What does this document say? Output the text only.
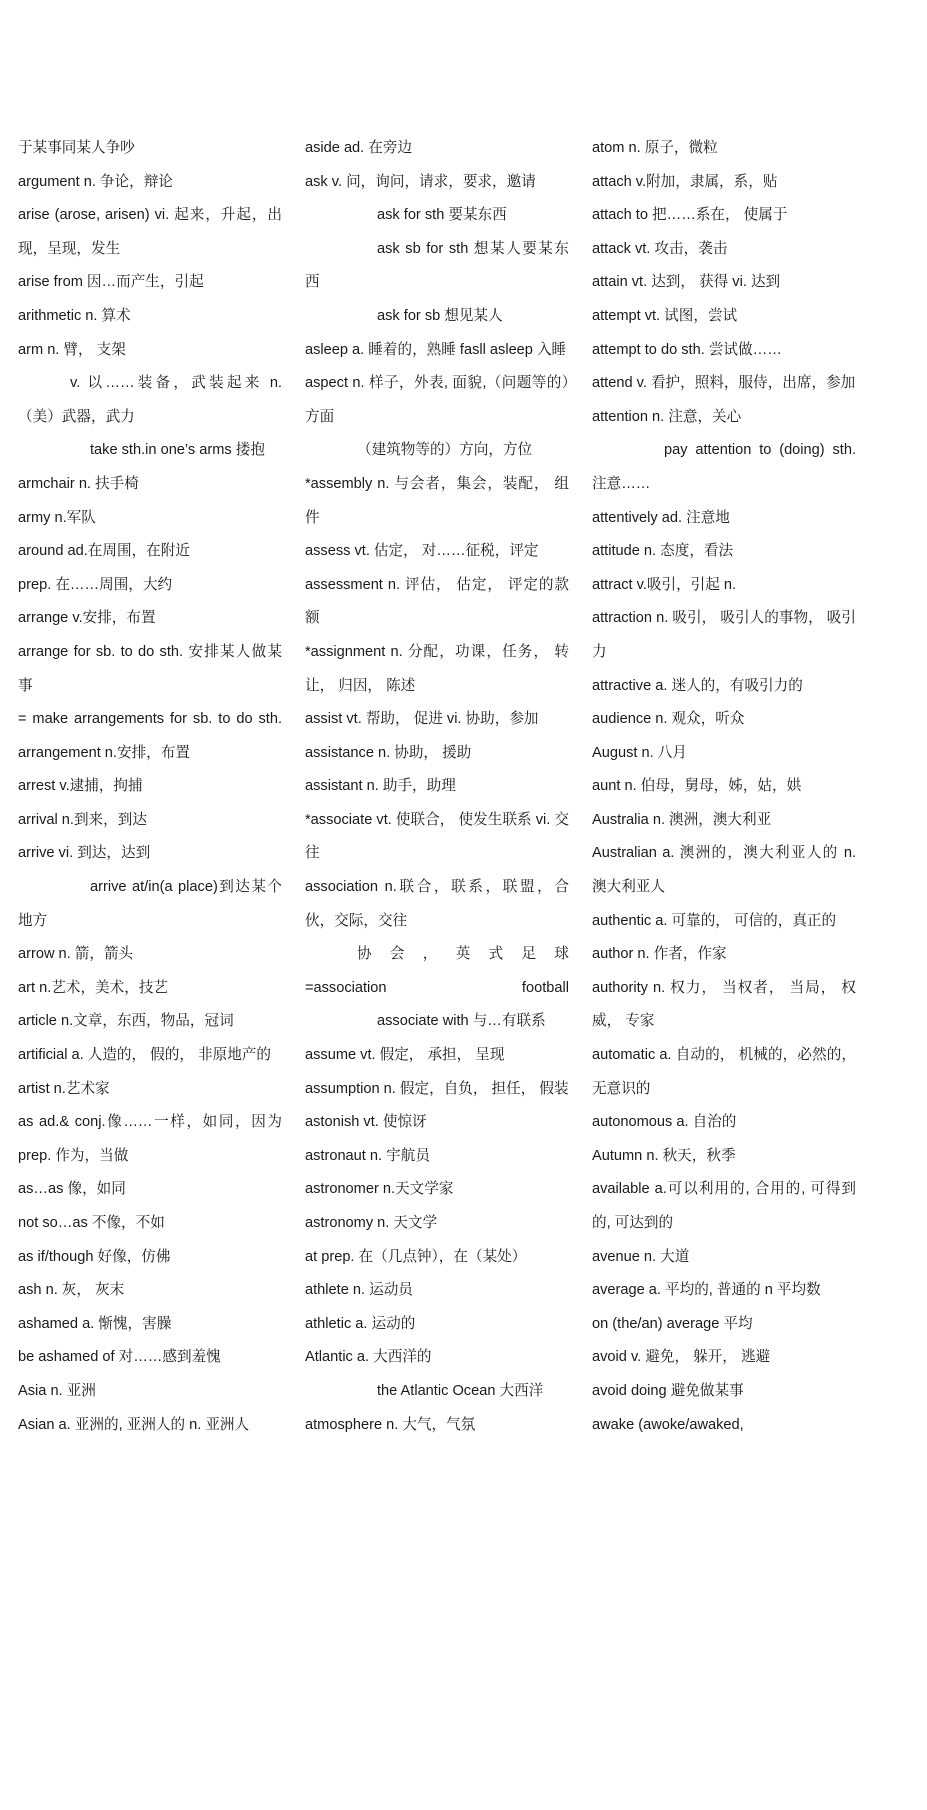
于某事同某人争吵

argument n. 争论，辩论

arise (arose, arisen) vi. 起来，升起，出现，呈现，发生

arise from 因…而产生，引起

arithmetic n. 算术

arm n. 臂， 支架

v. 以……装备，武装起来 n. （美）武器，武力

take sth.in one’s arms 搂抱

armchair n. 扶手椅

army n.军队

around ad.在周围，在附近

prep. 在……周围，大约

arrange v.安排，布置

arrange for sb. to do sth. 安排某人做某事

= make arrangements for sb. to do sth.

arrangement n.安排，布置

arrest v.逮捕，拘捕

arrival n.到来，到达

arrive vi. 到达，达到

arrive at/in(a place)到达某个地方

arrow n. 箭，箭头

art n.艺术，美术，技艺

article n.文章，东西，物品，冠词

artificial a. 人造的， 假的， 非原地产的

artist n.艺术家

as ad.& conj.像……一样，如同，因为 prep. 作为，当做

as…as 像，如同

not so…as 不像，不如

as if/though 好像，仿佛

ash n. 灰， 灰末

ashamed a. 惭愧，害臊

be ashamed of 对……感到羞愧

Asia n. 亚洲

Asian a. 亚洲的, 亚洲人的 n. 亚洲人

aside ad. 在旁边

ask v. 问，询问，请求，要求，邀请

ask for sth 要某东西

ask sb for sth 想某人要某东西

ask for sb 想见某人

asleep a. 睡着的，熟睡 fasll asleep 入睡

aspect n. 样子，外表, 面貌,（问题等的）方面

（建筑物等的）方向，方位

*assembly n. 与会者，集会，装配， 组件

assess vt. 估定， 对……征税，评定

assessment n. 评估， 估定， 评定的款额

*assignment n. 分配，功课，任务， 转让， 归因， 陈述

assist vt. 帮助， 促进 vi. 协助，参加

assistance n. 协助， 援助

assistant n. 助手，助理

*associate vt. 使联合， 使发生联系 vi. 交往

association n.联合，联系，联盟，合伙，交际，交往

协 会 ， 英 式 足 球 =association football

associate with 与…有联系

assume vt. 假定， 承担， 呈现

assumption n. 假定，自负， 担任， 假装

astonish vt. 使惊讶

astronaut n. 宇航员

astronomer n.天文学家

astronomy n. 天文学

at prep. 在（几点钟），在（某处）

athlete n. 运动员

athletic a. 运动的

Atlantic a. 大西洋的

the Atlantic Ocean 大西洋

atmosphere n. 大气，气氛

atom n. 原子，微粒

attach v.附加，隶属，系，贴

attach to 把……系在， 使属于

attack vt. 攻击，袭击

attain vt. 达到， 获得 vi. 达到

attempt vt. 试图，尝试

attempt to do sth. 尝试做……

attend v. 看护，照料，服侍，出席，参加

attention n. 注意，关心

pay attention to (doing) sth. 注意……

attentively ad. 注意地

attitude n. 态度，看法

attract v.吸引，引起 n.

attraction n. 吸引， 吸引人的事物， 吸引力

attractive a. 迷人的，有吸引力的

audience n. 观众，听众

August n. 八月

aunt n. 伯母，舅母，姊，姑，娂

Australia n. 澳洲，澳大利亚

Australian a. 澳洲的，澳大利亚人的 n. 澳大利亚人

authentic a. 可靠的， 可信的，真正的

author n. 作者，作家

authority n. 权力， 当权者， 当局， 权威， 专家

automatic a. 自动的， 机械的，必然的， 无意识的

autonomous a. 自治的

Autumn n. 秋天，秋季

available a.可以利用的, 合用的, 可得到的, 可达到的

avenue n. 大道

average a. 平均的, 普通的 n 平均数

on (the/an) average 平均

avoid v. 避免， 躲开， 逃避

avoid doing 避免做某事

awake (awoke/awaked,
